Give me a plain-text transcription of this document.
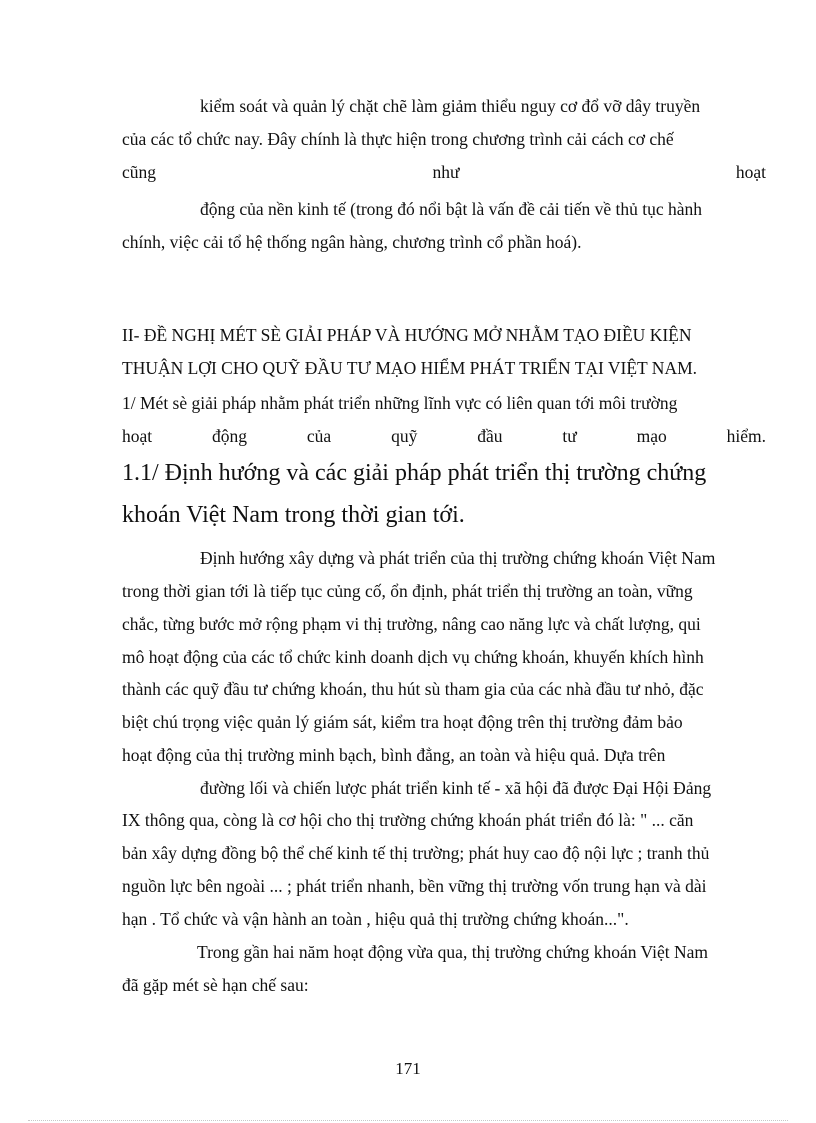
kiểm soát và quản lý chặt chẽ làm giảm thiểu nguy cơ đổ vỡ dây truyền
của các tổ chức nay. Đây chính là thực hiện trong chương trình cải cách cơ chế
cũng	như	hoạt
động của nền kinh tế (trong đó nổi bật là vấn đề cải tiến về thủ tục hành
chính, việc cải tổ hệ thống ngân hàng, chương trình cổ phần hoá).
II- ĐỀ NGHỊ MÉT SÈ GIẢI PHÁP VÀ HƯỚNG MỞ NHẰM TẠO ĐIỀU KIỆN
THUẬN LỢI CHO QUỸ ĐẦU TƯ MẠO HIỂM PHÁT TRIỂN TẠI VIỆT NAM.
1/ Mét sè giải pháp nhằm phát triển những lĩnh vực có liên quan tới môi trường
hoạt	động	của	quỹ	đầu	tư	mạo	hiểm.
1.1/ Định hướng và các giải pháp phát triển thị trường chứng
khoán Việt Nam trong thời gian tới.
Định hướng xây dựng và phát triển của thị trường chứng khoán Việt Nam
trong thời gian tới là tiếp tục củng cố, ổn định, phát triển thị trường an toàn, vững
chắc, từng bước mở rộng phạm vi thị trường, nâng cao năng lực và chất lượng, qui
mô hoạt động của các tổ chức kinh doanh dịch vụ chứng khoán, khuyến khích hình
thành các quỹ đầu tư chứng khoán, thu hút sù tham gia của các nhà đầu tư nhỏ, đặc
biệt chú trọng việc quản lý giám sát, kiểm tra hoạt động trên thị trường đảm bảo
hoạt động của thị trường minh bạch, bình đẳng, an toàn và hiệu quả. Dựa trên
đường lối và chiến lược phát triển kinh tế - xã hội đã được Đại Hội Đảng
IX thông qua, còng là cơ hội cho thị trường chứng khoán phát triển đó là: " ... căn
bản xây dựng đồng bộ thể chế kinh tế thị trường; phát huy cao độ nội lực ; tranh thủ
nguồn lực bên ngoài ... ; phát triển nhanh, bền vững thị trường vốn trung hạn và dài
hạn . Tổ chức và vận hành an toàn , hiệu quả thị trường chứng khoán...".
Trong gần hai năm hoạt động vừa qua, thị trường chứng khoán Việt Nam
đã gặp mét sè hạn chế sau:
171
